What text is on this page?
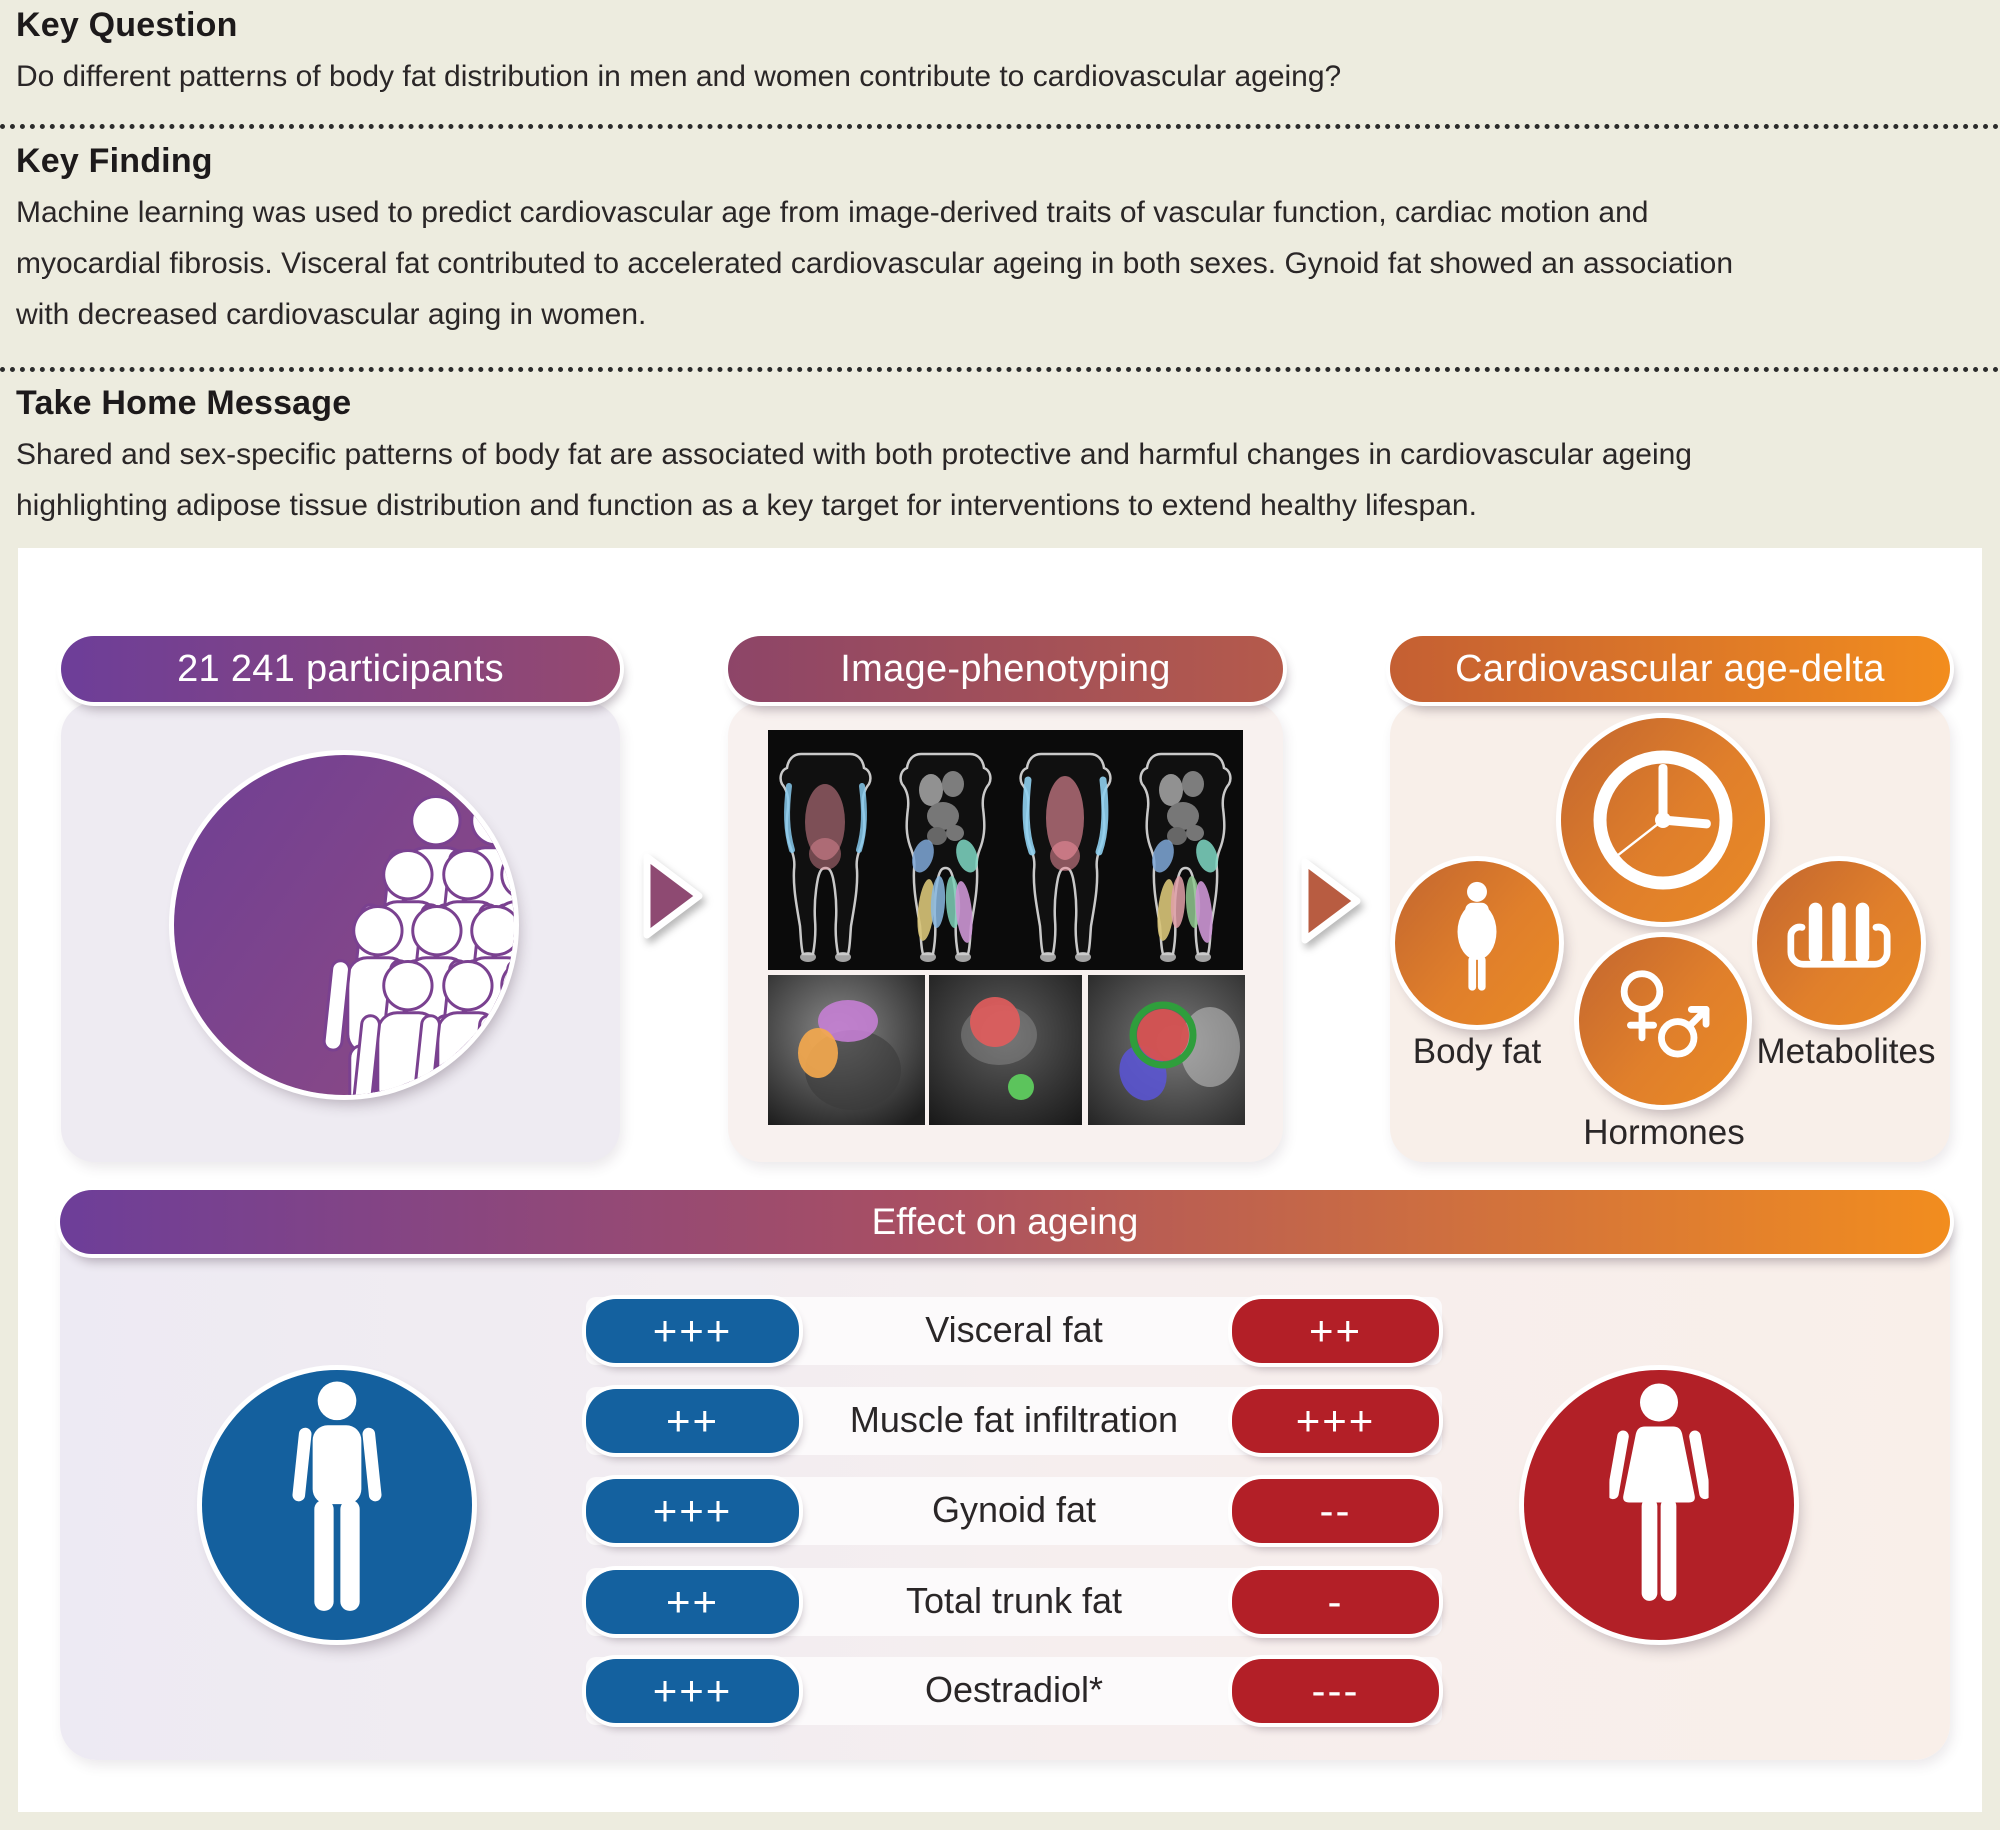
Key Question

Do different patterns of body fat distribution in men and women contribute to cardiovascular ageing?

Key Finding

Machine learning was used to predict cardiovascular age from image-derived traits of vascular function, cardiac motion and myocardial fibrosis. Visceral fat contributed to accelerated cardiovascular ageing in both sexes. Gynoid fat showed an association with decreased cardiovascular aging in women.

Take Home Message

Shared and sex-specific patterns of body fat are associated with both protective and harmful changes in cardiovascular ageing highlighting adipose tissue distribution and function as a key target for interventions to extend healthy lifespan.

21 241 participants	Image-phenotyping	Cardiovascular age-delta
Body fat
Hormones
Metabolites
Effect on ageing
+++	Visceral fat	++
++	Muscle fat infiltration	+++
+++	Gynoid fat	--
++	Total trunk fat	-
+++	Oestradiol*	---
